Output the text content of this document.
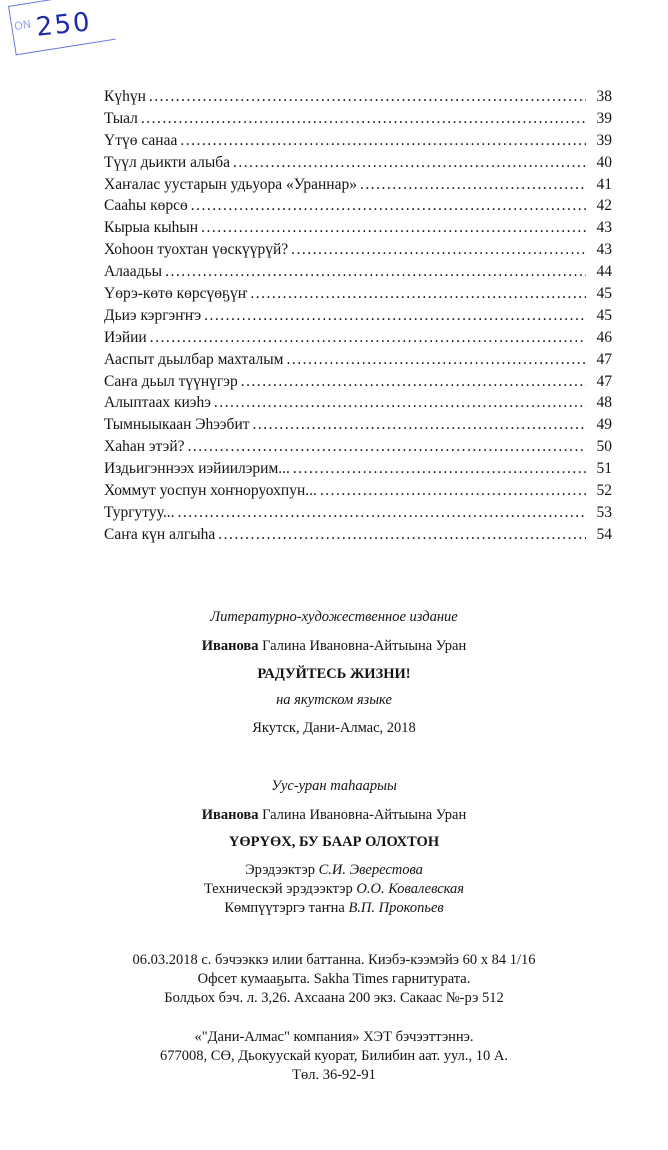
ON 250
Күһүн .....	38
Тыал .....	39
Үтүө санаа .....	39
Түүл дьикти алыба .....	40
Хаҥалас уустарын удьуора «Ураннар» .....	41
Сааһы көрсө .....	42
Кырыа кыһын .....	43
Хоһоон туохтан үөскүүрүй? .....	43
Алаадьы .....	44
Үөрэ-көтө көрсүөҕүҥ .....	45
Дьиэ кэргэҥҥэ .....	45
Иэйии .....	46
Ааспыт дьылбар махталым .....	47
Саҥа дьыл түүнүгэр .....	47
Алыптаах киэһэ .....	48
Тымныыкаан Эһээбит .....	49
Хаһан этэй? .....	50
Издьигэннээх иэйиилэрим... .....	51
Хоммут уоспун хоҥноруохпун... .....	52
Тургутуу... .....	53
Саҥа күн алгыһа .....	54
Литературно-художественное издание
Иванова Галина Ивановна-Айтыына Уран
РАДУЙТЕСЬ ЖИЗНИ!
на якутском языке
Якутск, Дани-Алмас, 2018
Уус-уран таһаарыы
Иванова Галина Ивановна-Айтыына Уран
ҮӨРҮӨХ, БУ БААР ОЛОХТОН
Эрэдээктэр С.И. Эверестова
Техническэй эрэдээктэр О.О. Ковалевская
Көмпүүтэргэ таҥна В.П. Прокопьев
06.03.2018 с. бэчээккэ илии баттанна. Киэбэ-кээмэйэ 60 х 84 1/16
Офсет кумааҕыта. Sakha Times гарнитурата.
Болдьох бэч. л. 3,26. Ахсаана 200 экз. Сакаас №-рэ 512
«"Дани-Алмас" компания» ХЭТ бэчээттэннэ.
677008, СӨ, Дьокуускай куорат, Билибин аат. уул., 10 А.
Төл. 36-92-91
